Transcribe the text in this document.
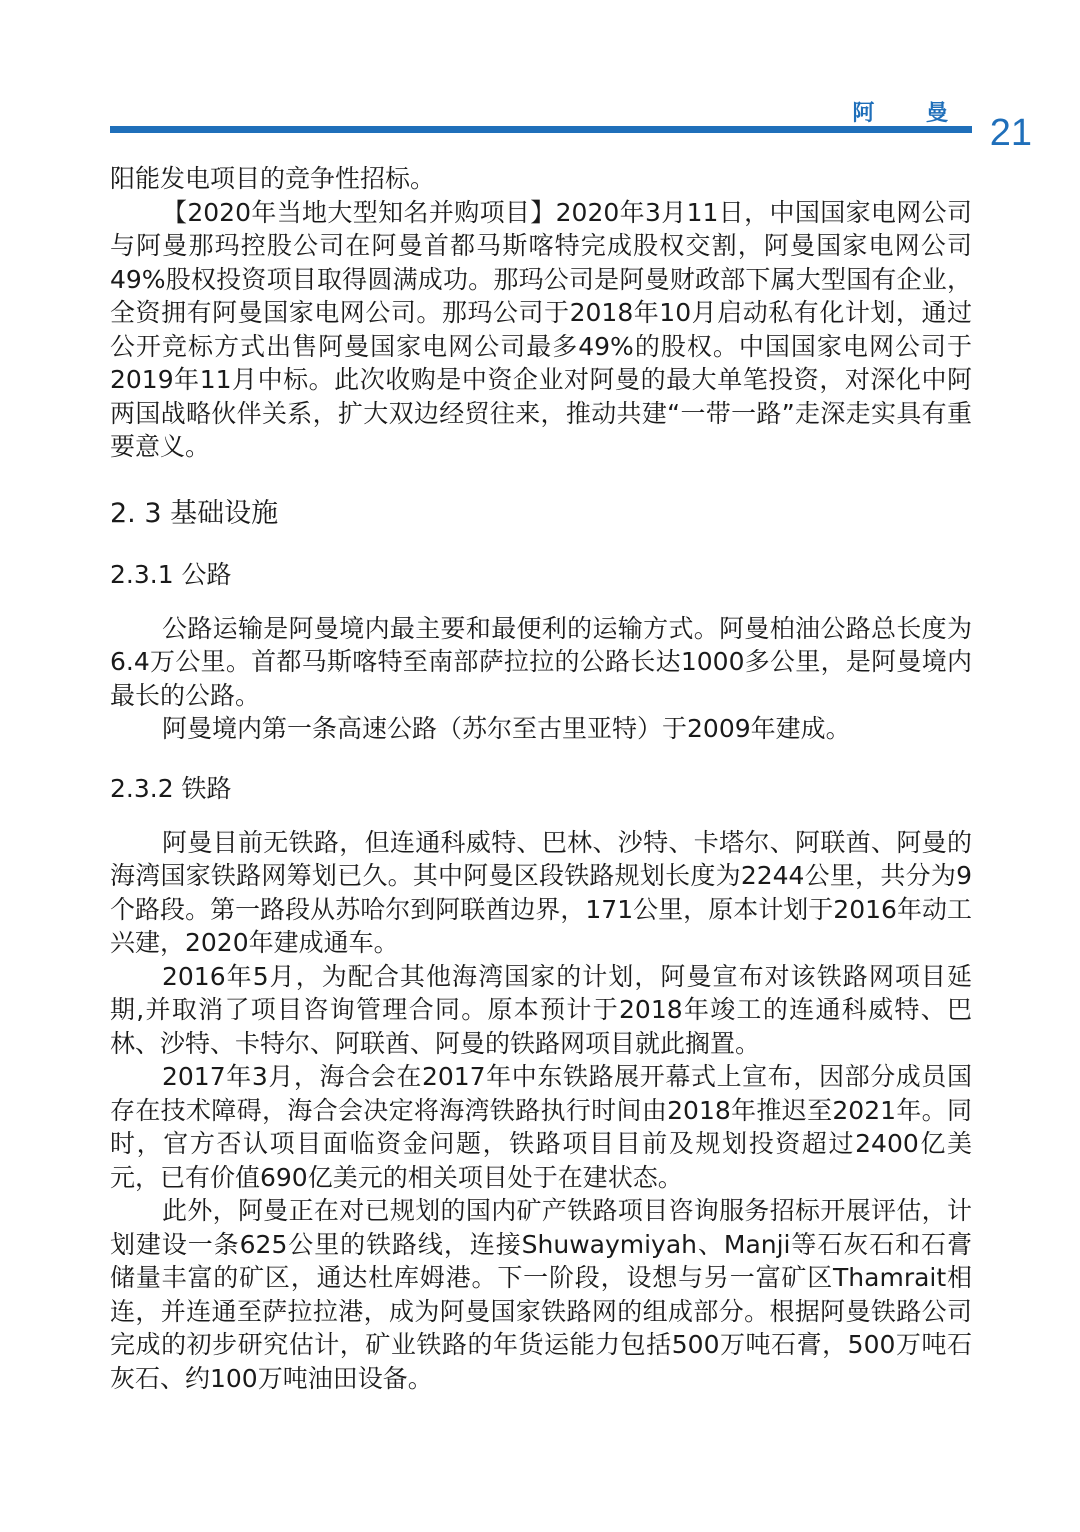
阿 曼 21

阳能发电项目的竞争性招标。

【2020年当地大型知名并购项目】2020年3月11日，中国国家电网公司与阿曼那玛控股公司在阿曼首都马斯喀特完成股权交割，阿曼国家电网公司49%股权投资项目取得圆满成功。那玛公司是阿曼财政部下属大型国有企业，全资拥有阿曼国家电网公司。那玛公司于2018年10月启动私有化计划，通过公开竞标方式出售阿曼国家电网公司最多49%的股权。中国国家电网公司于2019年11月中标。此次收购是中资企业对阿曼的最大单笔投资，对深化中阿两国战略伙伴关系，扩大双边经贸往来，推动共建“一带一路”走深走实具有重要意义。

2. 3 基础设施
2.3.1 公路

公路运输是阿曼境内最主要和最便利的运输方式。阿曼柏油公路总长度为6.4万公里。首都马斯喀特至南部萨拉拉的公路长达1000多公里，是阿曼境内最长的公路。

阿曼境内第一条高速公路（苏尔至古里亚特）于2009年建成。

2.3.2 铁路

阿曼目前无铁路，但连通科威特、巴林、沙特、卡塔尔、阿联酋、阿曼的海湾国家铁路网筹划已久。其中阿曼区段铁路规划长度为2244公里，共分为9个路段。第一路段从苏哈尔到阿联酋边界，171公里，原本计划于2016年动工兴建，2020年建成通车。

2016年5月，为配合其他海湾国家的计划，阿曼宣布对该铁路网项目延期,并取消了项目咨询管理合同。原本预计于2018年竣工的连通科威特、巴林、沙特、卡特尔、阿联酋、阿曼的铁路网项目就此搁置。

2017年3月，海合会在2017年中东铁路展开幕式上宣布，因部分成员国存在技术障碍，海合会决定将海湾铁路执行时间由2018年推迟至2021年。同时，官方否认项目面临资金问题，铁路项目目前及规划投资超过2400亿美元，已有价值690亿美元的相关项目处于在建状态。

此外，阿曼正在对已规划的国内矿产铁路项目咨询服务招标开展评估，计划建设一条625公里的铁路线，连接Shuwaymiyah、Manji等石灰石和石膏储量丰富的矿区，通达杜库姆港。下一阶段，设想与另一富矿区Thamrait相连，并连通至萨拉拉港，成为阿曼国家铁路网的组成部分。根据阿曼铁路公司完成的初步研究估计，矿业铁路的年货运能力包括500万吨石膏，500万吨石灰石、约100万吨油田设备。
